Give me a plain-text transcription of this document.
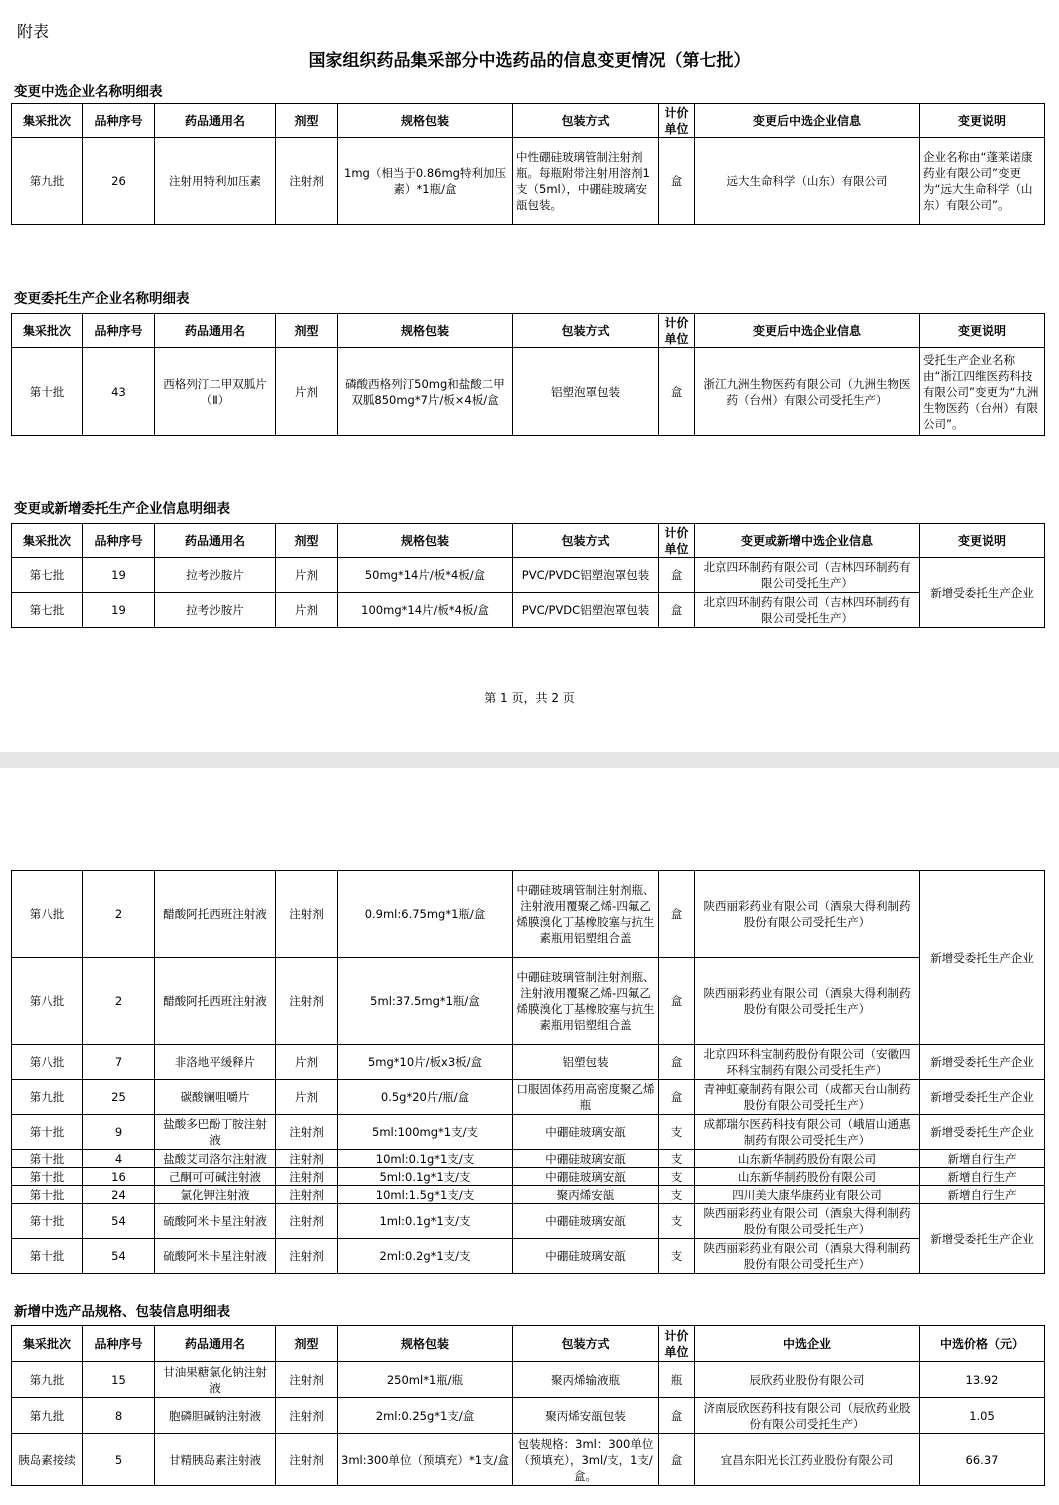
附表
国家组织药品集采部分中选药品的信息变更情况（第七批）
变更中选企业名称明细表
集采批次	品种序号	药品通用名	剂型	规格包装	包装方式	计价单位	变更后中选企业信息	变更说明
第九批	26	注射用特利加压素	注射剂	1mg（相当于0.86mg特利加压素）*1瓶/盒	中性硼硅玻璃管制注射剂瓶。每瓶附带注射用溶剂1支（5ml），中硼硅玻璃安瓿包装。	盒	远大生命科学（山东）有限公司	企业名称由“蓬莱诺康药业有限公司”变更为“远大生命科学（山东）有限公司”。
变更委托生产企业名称明细表
集采批次	品种序号	药品通用名	剂型	规格包装	包装方式	计价单位	变更后中选企业信息	变更说明
第十批	43	西格列汀二甲双胍片（Ⅱ）	片剂	磷酸西格列汀50mg和盐酸二甲双胍850mg*7片/板×4板/盒	铝塑泡罩包装	盒	浙江九洲生物医药有限公司（九洲生物医药（台州）有限公司受托生产）	受托生产企业名称由“浙江四维医药科技有限公司”变更为“九洲生物医药（台州）有限公司”。
变更或新增委托生产企业信息明细表
集采批次	品种序号	药品通用名	剂型	规格包装	包装方式	计价单位	变更或新增中选企业信息	变更说明
第七批	19	拉考沙胺片	片剂	50mg*14片/板*4板/盒	PVC/PVDC铝塑泡罩包装	盒	北京四环制药有限公司（吉林四环制药有限公司受托生产）	新增受委托生产企业
第七批	19	拉考沙胺片	片剂	100mg*14片/板*4板/盒	PVC/PVDC铝塑泡罩包装	盒	北京四环制药有限公司（吉林四环制药有限公司受托生产）	
第 1 页，共 2 页
第八批	2	醋酸阿托西班注射液	注射剂	0.9ml:6.75mg*1瓶/盒	中硼硅玻璃管制注射剂瓶、注射液用覆聚乙烯-四氟乙烯膜溴化丁基橡胶塞与抗生素瓶用铝塑组合盖	盒	陕西丽彩药业有限公司（酒泉大得利制药股份有限公司受托生产）	新增受委托生产企业
第八批	2	醋酸阿托西班注射液	注射剂	5ml:37.5mg*1瓶/盒	中硼硅玻璃管制注射剂瓶、注射液用覆聚乙烯-四氟乙烯膜溴化丁基橡胶塞与抗生素瓶用铝塑组合盖	盒	陕西丽彩药业有限公司（酒泉大得利制药股份有限公司受托生产）	
第八批	7	非洛地平缓释片	片剂	5mg*10片/板x3板/盒	铝塑包装	盒	北京四环科宝制药股份有限公司（安徽四环科宝制药有限公司受托生产）	新增受委托生产企业
第九批	25	碳酸镧咀嚼片	片剂	0.5g*20片/瓶/盒	口服固体药用高密度聚乙烯瓶	盒	青神虹豪制药有限公司（成都天台山制药股份有限公司受托生产）	新增受委托生产企业
第十批	9	盐酸多巴酚丁胺注射液	注射剂	5ml:100mg*1支/支	中硼硅玻璃安瓿	支	成都瑞尔医药科技有限公司（峨眉山通惠制药有限公司受托生产）	新增受委托生产企业
第十批	4	盐酸艾司洛尔注射液	注射剂	10ml:0.1g*1支/支	中硼硅玻璃安瓿	支	山东新华制药股份有限公司	新增自行生产
第十批	16	己酮可可碱注射液	注射剂	5ml:0.1g*1支/支	中硼硅玻璃安瓿	支	山东新华制药股份有限公司	新增自行生产
第十批	24	氯化钾注射液	注射剂	10ml:1.5g*1支/支	聚丙烯安瓿	支	四川美大康华康药业有限公司	新增自行生产
第十批	54	硫酸阿米卡星注射液	注射剂	1ml:0.1g*1支/支	中硼硅玻璃安瓿	支	陕西丽彩药业有限公司（酒泉大得利制药股份有限公司受托生产）	新增受委托生产企业
第十批	54	硫酸阿米卡星注射液	注射剂	2ml:0.2g*1支/支	中硼硅玻璃安瓿	支	陕西丽彩药业有限公司（酒泉大得利制药股份有限公司受托生产）	
新增中选产品规格、包装信息明细表
集采批次	品种序号	药品通用名	剂型	规格包装	包装方式	计价单位	中选企业	中选价格（元）
第九批	15	甘油果糖氯化钠注射液	注射剂	250ml*1瓶/瓶	聚丙烯输液瓶	瓶	辰欣药业股份有限公司	13.92
第九批	8	胞磷胆碱钠注射液	注射剂	2ml:0.25g*1支/盒	聚丙烯安瓿包装	盒	济南辰欣医药科技有限公司（辰欣药业股份有限公司受托生产）	1.05
胰岛素接续	5	甘精胰岛素注射液	注射剂	3ml:300单位（预填充）*1支/盒	包装规格：3ml：300单位（预填充），3ml/支，1支/盒。	盒	宜昌东阳光长江药业股份有限公司	66.37
